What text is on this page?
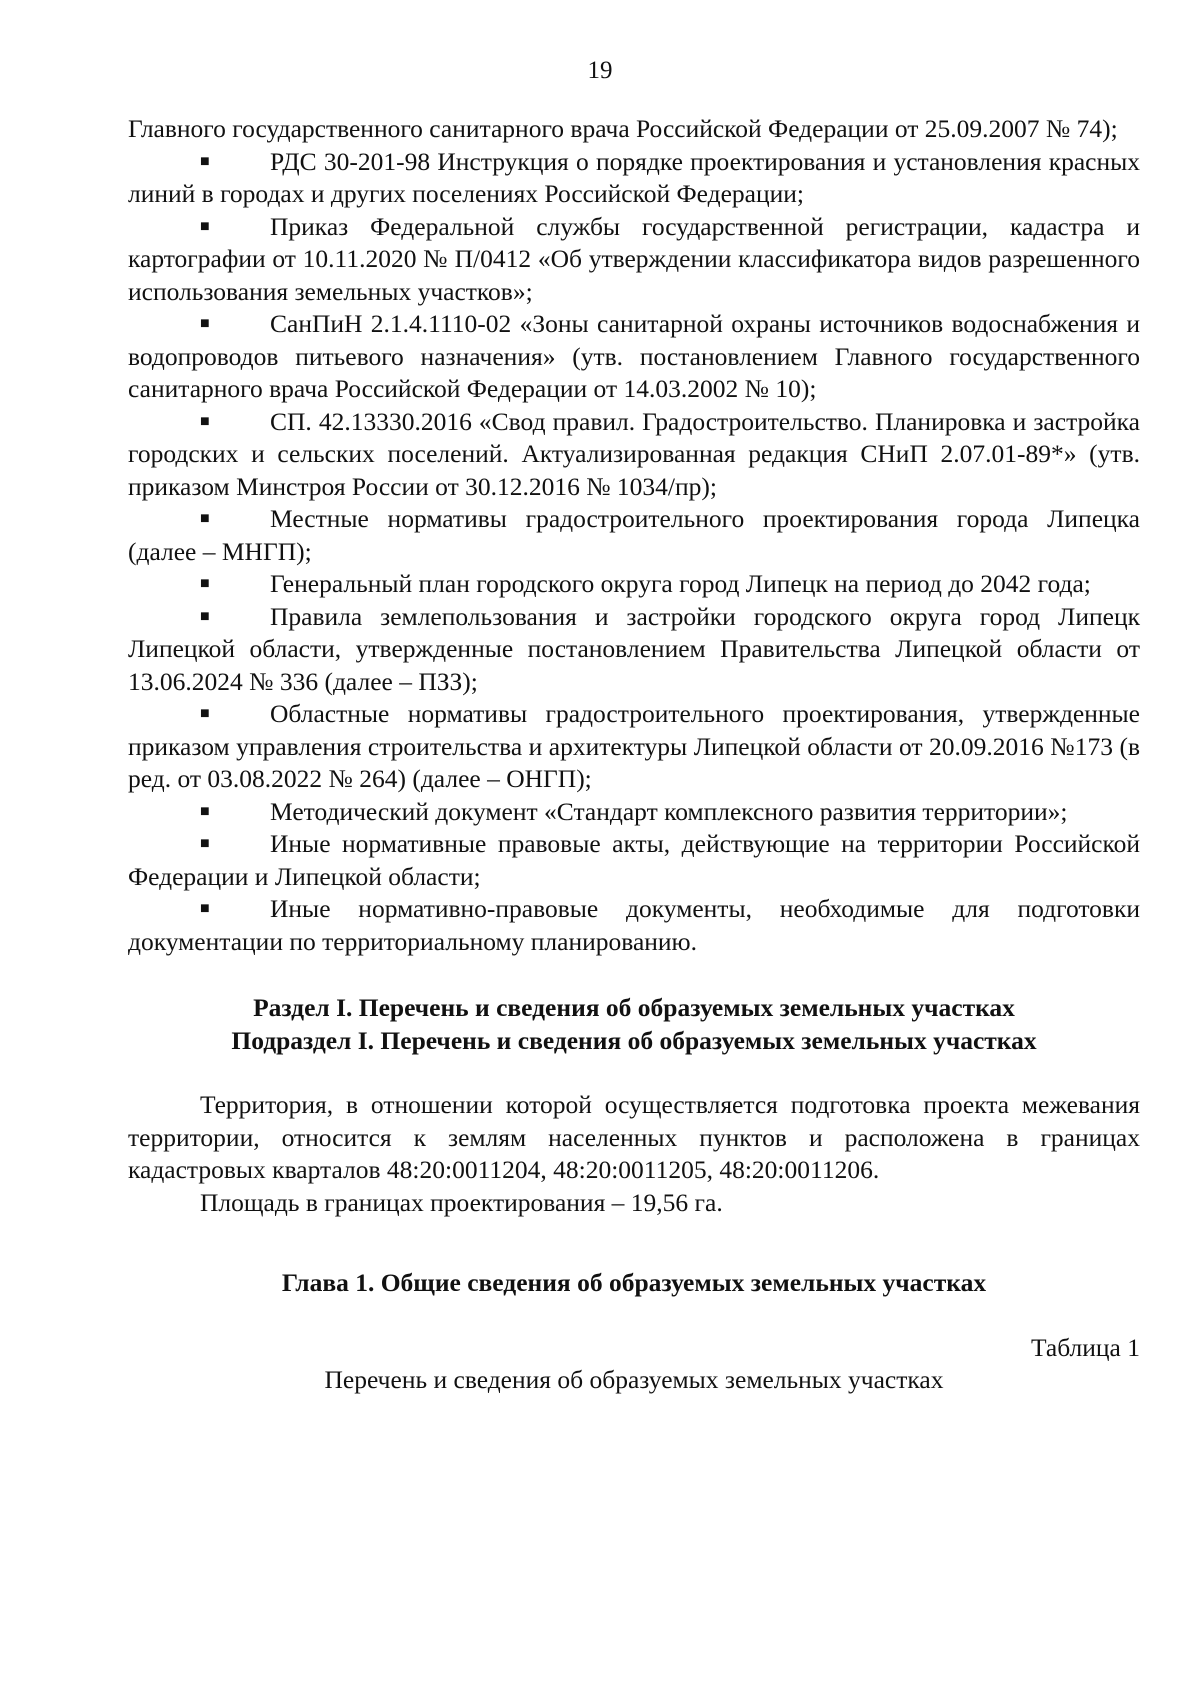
19

Главного государственного санитарного врача Российской Федерации от 25.09.2007 № 74);

■ РДС 30-201-98 Инструкция о порядке проектирования и установления красных линий в городах и других поселениях Российской Федерации;

■ Приказ Федеральной службы государственной регистрации, кадастра и картографии от 10.11.2020 № П/0412 «Об утверждении классификатора видов разрешенного использования земельных участков»;

■ СанПиН 2.1.4.1110-02 «Зоны санитарной охраны источников водоснабжения и водопроводов питьевого назначения» (утв. постановлением Главного государственного санитарного врача Российской Федерации от 14.03.2002 № 10);

■ СП. 42.13330.2016 «Свод правил. Градостроительство. Планировка и застройка городских и сельских поселений. Актуализированная редакция СНиП 2.07.01-89*» (утв. приказом Минстроя России от 30.12.2016 № 1034/пр);

■ Местные нормативы градостроительного проектирования города Липецка (далее – МНГП);

■ Генеральный план городского округа город Липецк на период до 2042 года;

■ Правила землепользования и застройки городского округа город Липецк Липецкой области, утвержденные постановлением Правительства Липецкой области от 13.06.2024 № 336 (далее – ПЗЗ);

■ Областные нормативы градостроительного проектирования, утвержденные приказом управления строительства и архитектуры Липецкой области от 20.09.2016 №173 (в ред. от 03.08.2022 № 264) (далее – ОНГП);

■ Методический документ «Стандарт комплексного развития территории»;

■ Иные нормативные правовые акты, действующие на территории Российской Федерации и Липецкой области;

■ Иные нормативно-правовые документы, необходимые для подготовки документации по территориальному планированию.

Раздел I. Перечень и сведения об образуемых земельных участках
Подраздел I. Перечень и сведения об образуемых земельных участках

Территория, в отношении которой осуществляется подготовка проекта межевания территории, относится к землям населенных пунктов и расположена в границах кадастровых кварталов 48:20:0011204, 48:20:0011205, 48:20:0011206.

Площадь в границах проектирования – 19,56 га.

Глава 1. Общие сведения об образуемых земельных участках

Таблица 1

Перечень и сведения об образуемых земельных участках
